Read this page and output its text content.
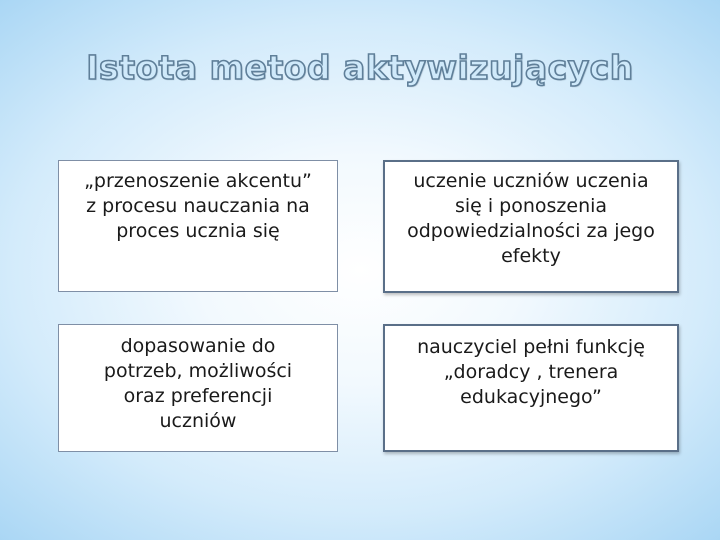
Istota metod aktywizujących
„przenoszenie akcentu”
z procesu nauczania na
proces ucznia się
uczenie uczniów uczenia
się i ponoszenia
odpowiedzialności za jego
efekty
dopasowanie do
potrzeb, możliwości
oraz preferencji
uczniów
nauczyciel pełni funkcję
„doradcy , trenera
edukacyjnego”
